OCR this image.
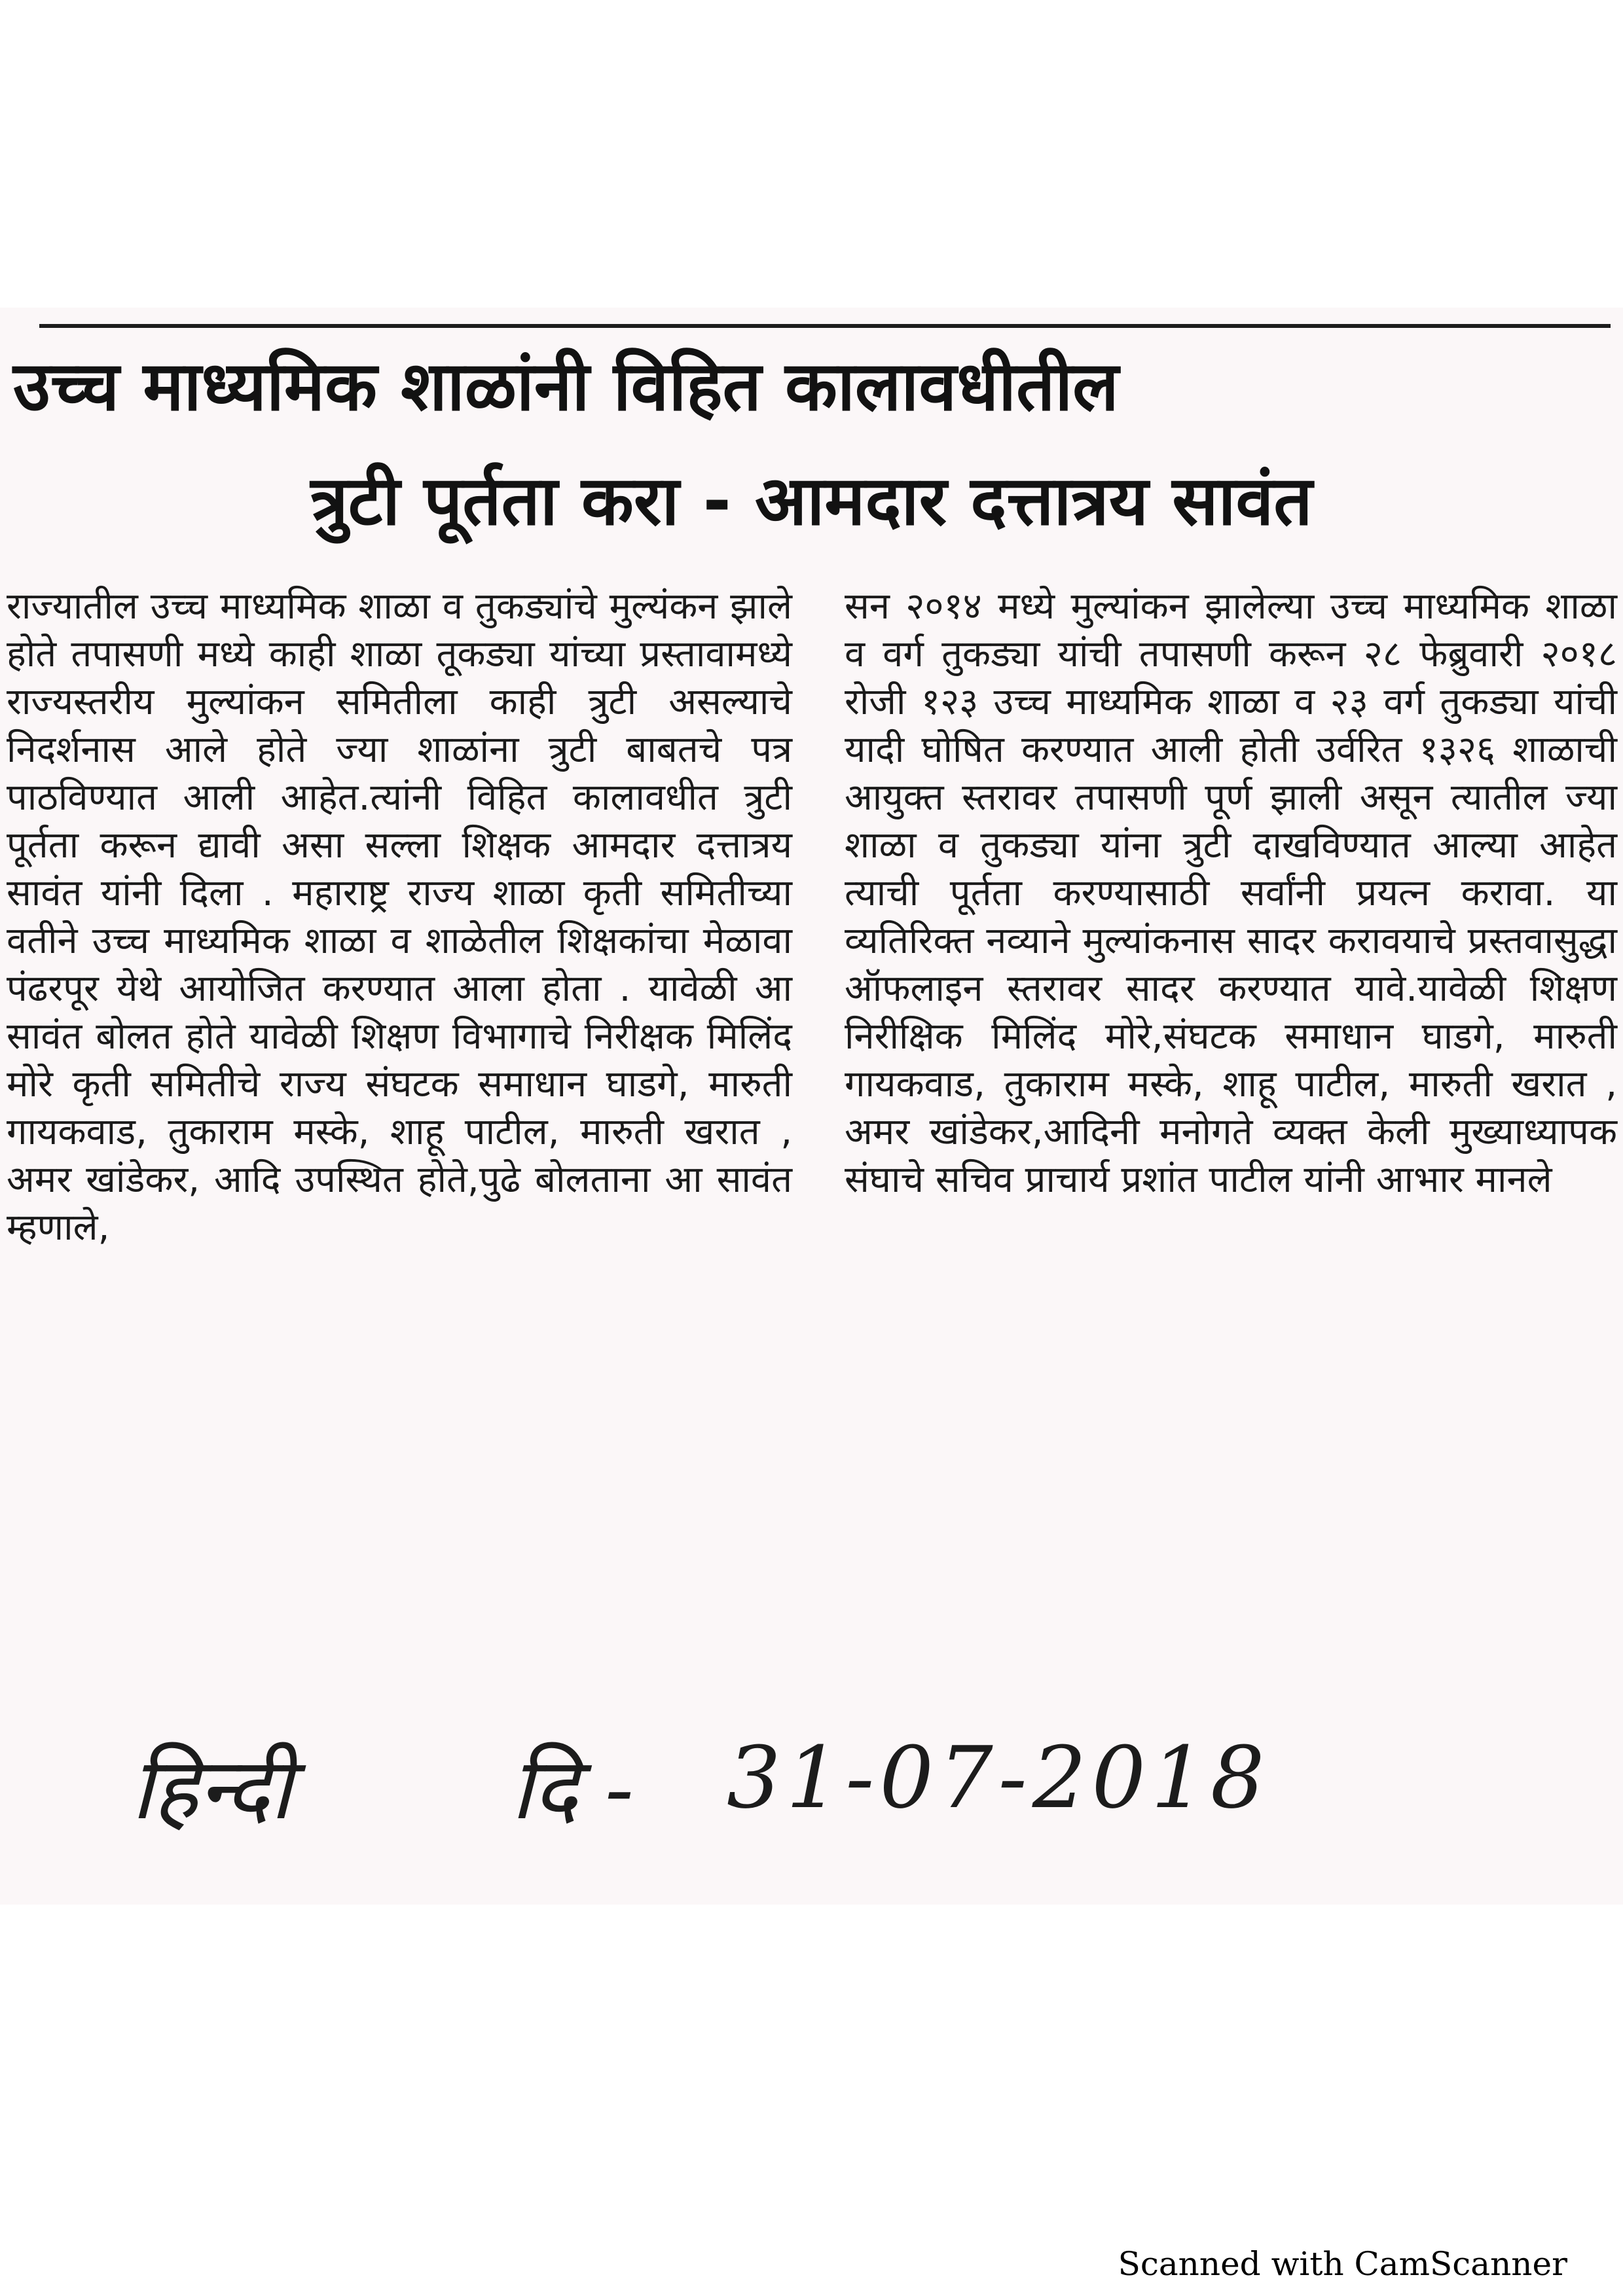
उच्च माध्यमिक शाळांनी विहित कालावधीतील
त्रुटी पूर्तता करा - आमदार दत्तात्रय सावंत

राज्यातील उच्च माध्यमिक शाळा व तुकड्यांचे मुल्यंकन झाले होते तपासणी मध्ये काही शाळा तूकड्या यांच्या प्रस्तावामध्ये राज्यस्तरीय मुल्यांकन समितीला काही त्रुटी असल्याचे निदर्शनास आले होते ज्या शाळांना त्रुटी बाबतचे पत्र पाठविण्यात आली आहेत.त्यांनी विहित कालावधीत त्रुटी पूर्तता करून द्यावी असा सल्ला शिक्षक आमदार दत्तात्रय सावंत यांनी दिला . महाराष्ट्र राज्य शाळा कृती समितीच्या वतीने उच्च माध्यमिक शाळा व शाळेतील शिक्षकांचा मेळावा पंढरपूर येथे आयोजित करण्यात आला होता . यावेळी आ सावंत बोलत होते यावेळी शिक्षण विभागाचे निरीक्षक मिलिंद मोरे कृती समितीचे राज्य संघटक समाधान घाडगे, मारुती गायकवाड, तुकाराम मस्के, शाहू पाटील, मारुती खरात , अमर खांडेकर, आदि उपस्थित होते,पुढे बोलताना आ सावंत म्हणाले,

सन २०१४ मध्ये मुल्यांकन झालेल्या उच्च माध्यमिक शाळा व वर्ग तुकड्या यांची तपासणी करून २८ फेब्रुवारी २०१८ रोजी १२३ उच्च माध्यमिक शाळा व २३ वर्ग तुकड्या यांची यादी घोषित करण्यात आली होती उर्वरित १३२६ शाळाची आयुक्त स्तरावर तपासणी पूर्ण झाली असून त्यातील ज्या शाळा व तुकड्या यांना त्रुटी दाखविण्यात आल्या आहेत त्याची पूर्तता करण्यासाठी सर्वांनी प्रयत्न करावा. या व्यतिरिक्त नव्याने मुल्यांकनास सादर करावयाचे प्रस्तवासुद्धा ऑफलाइन स्तरावर सादर करण्यात यावे.यावेळी शिक्षण निरीक्षिक मिलिंद मोरे,संघटक समाधान घाडगे, मारुती गायकवाड, तुकाराम मस्के, शाहू पाटील, मारुती खरात , अमर खांडेकर,आदिनी मनोगते व्यक्त केली मुख्याध्यापक संघाचे सचिव प्राचार्य प्रशांत पाटील यांनी आभार मानले

हिन्दी	दि - 31-07-2018
Scanned with CamScanner
